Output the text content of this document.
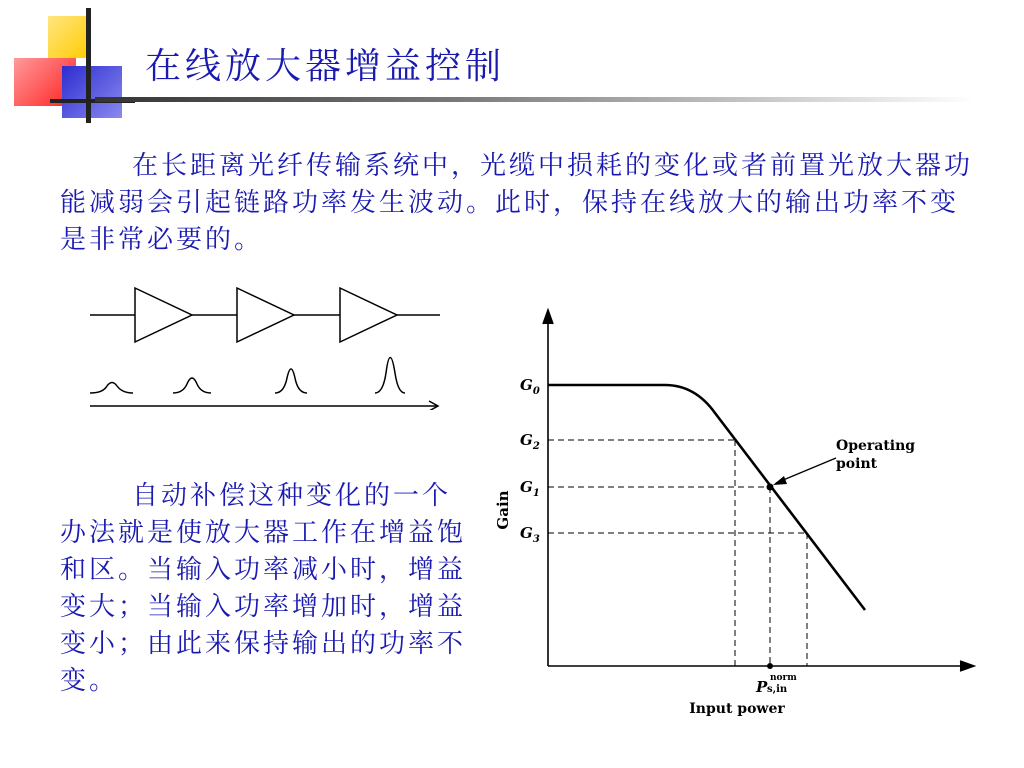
在线放大器增益控制

在长距离光纤传输系统中，光缆中损耗的变化或者前置光放大器功能减弱会引起链路功率发生波动。此时，保持在线放大的输出功率不变是非常必要的。

自动补偿这种变化的一个办法就是使放大器工作在增益饱和区。当输入功率减小时，增益变大；当输入功率增加时，增益变小；由此来保持输出的功率不变。

Gain
$G_0$
$G_2$
$G_1$
$G_3$
Operating
point
norm
P s,in
Input power
